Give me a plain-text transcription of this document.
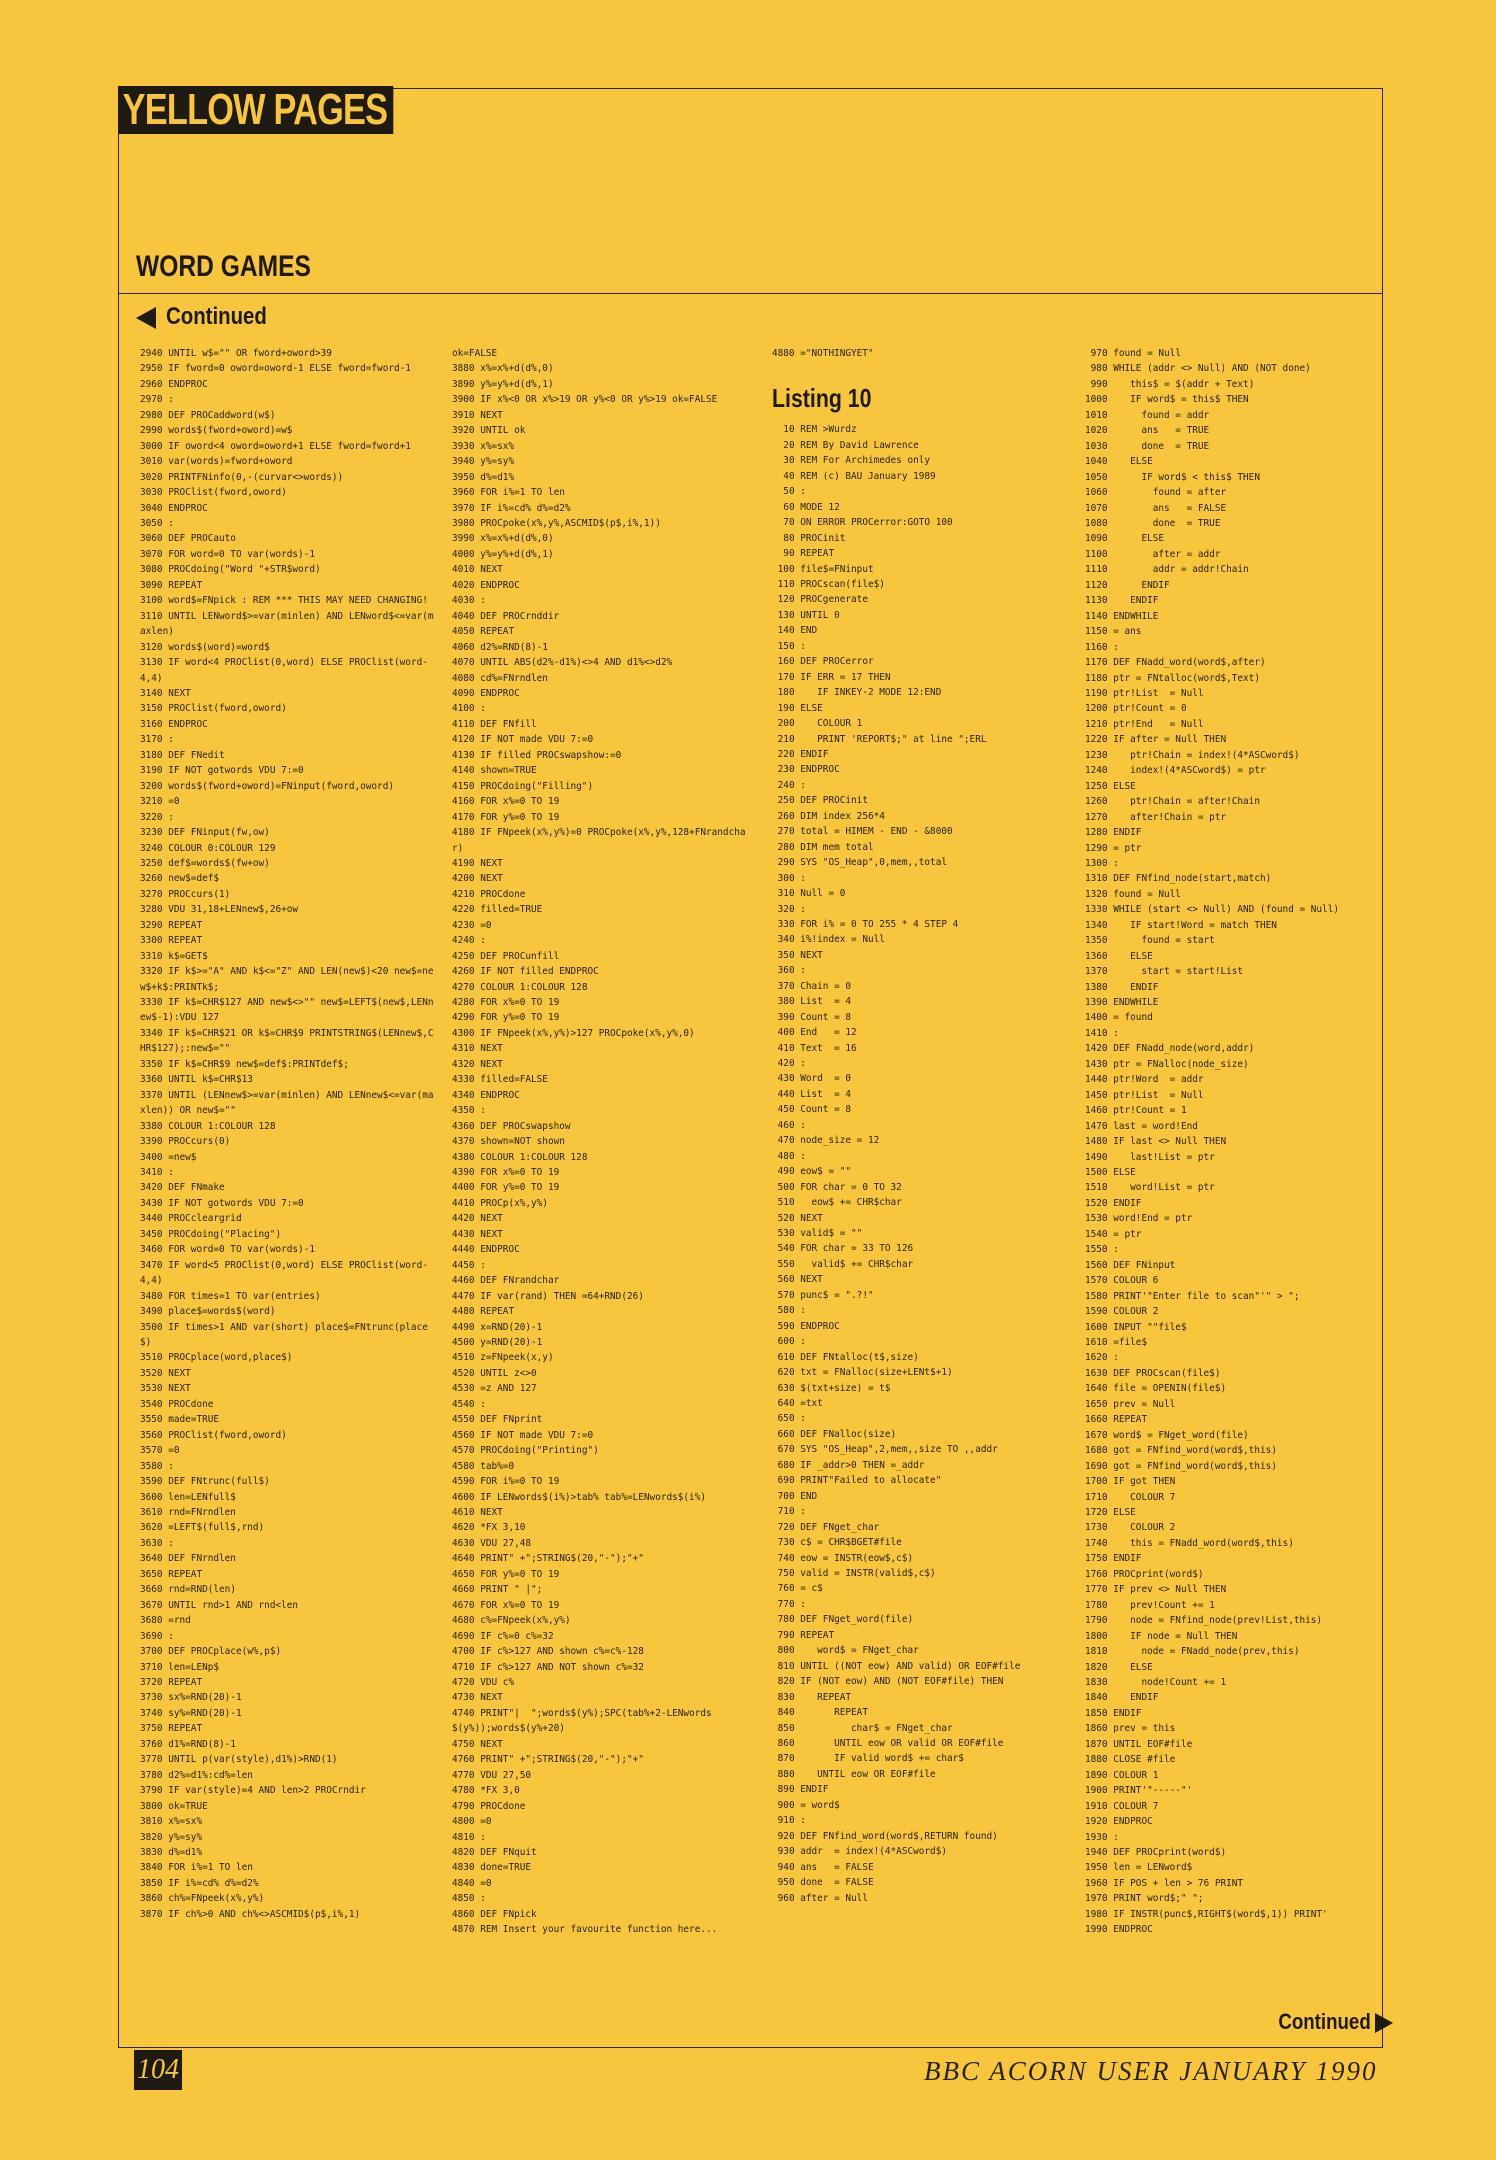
YELLOW PAGES
WORD GAMES
Continued
2940 UNTIL w$="" OR fword+oword>39
2950 IF fword=0 oword=oword-1 ELSE fword=fword-1
2960 ENDPROC
2970 :
2980 DEF PROCaddword(w$)
2990 words$(fword+oword)=w$
3000 IF oword<4 oword=oword+1 ELSE fword=fword+1
3010 var(words)=fword+oword
3020 PRINTFNinfo(0,-(curvar<>words))
3030 PROClist(fword,oword)
3040 ENDPROC
3050 :
3060 DEF PROCauto
3070 FOR word=0 TO var(words)-1
3080 PROCdoing("Word "+STR$word)
3090 REPEAT
3100 word$=FNpick : REM *** THIS MAY NEED CHANGING!
3110 UNTIL LENword$>=var(minlen) AND LENword$<=var(maxlen)
3120 words$(word)=word$
3130 IF word<4 PROClist(0,word) ELSE PROClist(word-4,4)
3140 NEXT
3150 PROClist(fword,oword)
3160 ENDPROC
3170 :
3180 DEF FNedit
3190 IF NOT gotwords VDU 7:=0
3200 words$(fword+oword)=FNinput(fword,oword)
3210 =0
3220 :
3230 DEF FNinput(fw,ow)
3240 COLOUR 0:COLOUR 129
3250 def$=words$(fw+ow)
3260 new$=def$
3270 PROCcurs(1)
3280 VDU 31,18+LENnew$,26+ow
3290 REPEAT
3300 REPEAT
3310 k$=GET$
3320 IF k$>="A" AND k$<="Z" AND LEN(new$)<20 new$=new$+k$:PRINTk$;
3330 IF k$=CHR$127 AND new$<>"" new$=LEFT$(new$,LENnew$-1):VDU 127
3340 IF k$=CHR$21 OR k$=CHR$9 PRINTSTRING$(LENnew$,CHR$127);:new$=""
3350 IF k$=CHR$9 new$=def$:PRINTdef$;
3360 UNTIL k$=CHR$13
3370 UNTIL (LENnew$>=var(minlen) AND LENnew$<=var(maxlen)) OR new$=""
3380 COLOUR 1:COLOUR 128
3390 PROCcurs(0)
3400 =new$
3410 :
3420 DEF FNmake
3430 IF NOT gotwords VDU 7:=0
3440 PROCcleargrid
3450 PROCdoing("Placing")
3460 FOR word=0 TO var(words)-1
3470 IF word<5 PROClist(0,word) ELSE PROClist(word-4,4)
3480 FOR times=1 TO var(entries)
3490 place$=words$(word)
3500 IF times>1 AND var(short) place$=FNtrunc(place$)
3510 PROCplace(word,place$)
3520 NEXT
3530 NEXT
3540 PROCdone
3550 made=TRUE
3560 PROClist(fword,oword)
3570 =0
3580 :
3590 DEF FNtrunc(full$)
3600 len=LENfull$
3610 rnd=FNrndlen
3620 =LEFT$(full$,rnd)
3630 :
3640 DEF FNrndlen
3650 REPEAT
3660 rnd=RND(len)
3670 UNTIL rnd>1 AND rnd<len
3680 =rnd
3690 :
3700 DEF PROCplace(w%,p$)
3710 len=LENp$
3720 REPEAT
3730 sx%=RND(20)-1
3740 sy%=RND(20)-1
3750 REPEAT
3760 d1%=RND(8)-1
3770 UNTIL p(var(style),d1%)>RND(1)
3780 d2%=d1%:cd%=len
3790 IF var(style)=4 AND len>2 PROCrndir
3800 ok=TRUE
3810 x%=sx%
3820 y%=sy%
3830 d%=d1%
3840 FOR i%=1 TO len
3850 IF i%=cd% d%=d2%
3860 ch%=FNpeek(x%,y%)
3870 IF ch%>0 AND ch%<>ASCMID$(p$,i%,1)
ok=FALSE
3880 x%=x%+d(d%,0)
3890 y%=y%+d(d%,1)
3900 IF x%<0 OR x%>19 OR y%<0 OR y%>19 ok=FALSE
3910 NEXT
3920 UNTIL ok
3930 x%=sx%
3940 y%=sy%
3950 d%=d1%
3960 FOR i%=1 TO len
3970 IF i%=cd% d%=d2%
3980 PROCpoke(x%,y%,ASCMID$(p$,i%,1))
3990 x%=x%+d(d%,0)
4000 y%=y%+d(d%,1)
4010 NEXT
4020 ENDPROC
4030 :
4040 DEF PROCrnddir
4050 REPEAT
4060 d2%=RND(8)-1
4070 UNTIL ABS(d2%-d1%)<>4 AND d1%<>d2%
4080 cd%=FNrndlen
4090 ENDPROC
4100 :
4110 DEF FNfill
4120 IF NOT made VDU 7:=0
4130 IF filled PROCswapshow:=0
4140 shown=TRUE
4150 PROCdoing("Filling")
4160 FOR x%=0 TO 19
4170 FOR y%=0 TO 19
4180 IF FNpeek(x%,y%)=0 PROCpoke(x%,y%,128+FNrandchar)
4190 NEXT
4200 NEXT
4210 PROCdone
4220 filled=TRUE
4230 =0
4240 :
4250 DEF PROCunfill
4260 IF NOT filled ENDPROC
4270 COLOUR 1:COLOUR 128
4280 FOR x%=0 TO 19
4290 FOR y%=0 TO 19
4300 IF FNpeek(x%,y%)>127 PROCpoke(x%,y%,0)
4310 NEXT
4320 NEXT
4330 filled=FALSE
4340 ENDPROC
4350 :
4360 DEF PROCswapshow
4370 shown=NOT shown
4380 COLOUR 1:COLOUR 128
4390 FOR x%=0 TO 19
4400 FOR y%=0 TO 19
4410 PROCp(x%,y%)
4420 NEXT
4430 NEXT
4440 ENDPROC
4450 :
4460 DEF FNrandchar
4470 IF var(rand) THEN =64+RND(26)
4480 REPEAT
4490 x=RND(20)-1
4500 y=RND(20)-1
4510 z=FNpeek(x,y)
4520 UNTIL z<>0
4530 =z AND 127
4540 :
4550 DEF FNprint
4560 IF NOT made VDU 7:=0
4570 PROCdoing("Printing")
4580 tab%=0
4590 FOR i%=0 TO 19
4600 IF LENwords$(i%)>tab% tab%=LENwords$(i%)
4610 NEXT
4620 *FX 3,10
4630 VDU 27,48
4640 PRINT" +";STRING$(20,"-");"+"
4650 FOR y%=0 TO 19
4660 PRINT " |";
4670 FOR x%=0 TO 19
4680 c%=FNpeek(x%,y%)
4690 IF c%=0 c%=32
4700 IF c%>127 AND shown c%=c%-128
4710 IF c%>127 AND NOT shown c%=32
4720 VDU c%
4730 NEXT
4740 PRINT"|  ";words$(y%);SPC(tab%+2-LENwords$(y%));words$(y%+20)
4750 NEXT
4760 PRINT" +";STRING$(20,"-");"+"
4770 VDU 27,50
4780 *FX 3,0
4790 PROCdone
4800 =0
4810 :
4820 DEF FNquit
4830 done=TRUE
4840 =0
4850 :
4860 DEF FNpick
4870 REM Insert your favourite function here...
4880 ="NOTHINGYET"
Listing 10
10 REM >Wurdz
20 REM By David Lawrence
30 REM For Archimedes only
40 REM (c) BAU January 1989
50 :
60 MODE 12
70 ON ERROR PROCerror:GOTO 100
80 PROCinit
90 REPEAT
100 file$=FNinput
110 PROCscan(file$)
120 PROCgenerate
130 UNTIL 0
140 END
150 :
160 DEF PROCerror
170 IF ERR = 17 THEN
180    IF INKEY-2 MODE 12:END
190 ELSE
200    COLOUR 1
210    PRINT 'REPORT$;" at line ";ERL
220 ENDIF
230 ENDPROC
240 :
250 DEF PROCinit
260 DIM index 256*4
270 total = HIMEM - END - &8000
280 DIM mem total
290 SYS "OS_Heap",0,mem,,total
300 :
310 Null = 0
320 :
330 FOR i% = 0 TO 255 * 4 STEP 4
340 i%!index = Null
350 NEXT
360 :
370 Chain = 0
380 List  = 4
390 Count = 8
400 End   = 12
410 Text  = 16
420 :
430 Word  = 0
440 List  = 4
450 Count = 8
460 :
470 node_size = 12
480 :
490 eow$ = ""
500 FOR char = 0 TO 32
510   eow$ += CHR$char
520 NEXT
530 valid$ = ""
540 FOR char = 33 TO 126
550   valid$ += CHR$char
560 NEXT
570 punc$ = ".?!"
580 :
590 ENDPROC
600 :
610 DEF FNtalloc(t$,size)
620 txt = FNalloc(size+LENt$+1)
630 $(txt+size) = t$
640 =txt
650 :
660 DEF FNalloc(size)
670 SYS "OS_Heap",2,mem,,size TO ,,addr
680 IF _addr>0 THEN =_addr
690 PRINT"Failed to allocate"
700 END
710 :
720 DEF FNget_char
730 c$ = CHR$BGET#file
740 eow = INSTR(eow$,c$)
750 valid = INSTR(valid$,c$)
760 = c$
770 :
780 DEF FNget_word(file)
790 REPEAT
800    word$ = FNget_char
810 UNTIL ((NOT eow) AND valid) OR EOF#file
820 IF (NOT eow) AND (NOT EOF#file) THEN
830    REPEAT
840       REPEAT
850          char$ = FNget_char
860       UNTIL eow OR valid OR EOF#file
870       IF valid word$ += char$
880    UNTIL eow OR EOF#file
890 ENDIF
900 = word$
910 :
920 DEF FNfind_word(word$,RETURN found)
930 addr  = index!(4*ASCword$)
940 ans   = FALSE
950 done  = FALSE
960 after = Null
970 found = Null
980 WHILE (addr <> Null) AND (NOT done)
990    this$ = $(addr + Text)
1000    IF word$ = this$ THEN
1010      found = addr
1020      ans   = TRUE
1030      done  = TRUE
1040    ELSE
1050      IF word$ < this$ THEN
1060        found = after
1070        ans   = FALSE
1080        done  = TRUE
1090      ELSE
1100        after = addr
1110        addr = addr!Chain
1120      ENDIF
1130    ENDIF
1140 ENDWHILE
1150 = ans
1160 :
1170 DEF FNadd_word(word$,after)
1180 ptr = FNtalloc(word$,Text)
1190 ptr!List  = Null
1200 ptr!Count = 0
1210 ptr!End   = Null
1220 IF after = Null THEN
1230    ptr!Chain = index!(4*ASCword$)
1240    index!(4*ASCword$) = ptr
1250 ELSE
1260    ptr!Chain = after!Chain
1270    after!Chain = ptr
1280 ENDIF
1290 = ptr
1300 :
1310 DEF FNfind_node(start,match)
1320 found = Null
1330 WHILE (start <> Null) AND (found = Null)
1340    IF start!Word = match THEN
1350      found = start
1360    ELSE
1370      start = start!List
1380    ENDIF
1390 ENDWHILE
1400 = found
1410 :
1420 DEF FNadd_node(word,addr)
1430 ptr = FNalloc(node_size)
1440 ptr!Word  = addr
1450 ptr!List  = Null
1460 ptr!Count = 1
1470 last = word!End
1480 IF last <> Null THEN
1490    last!List = ptr
1500 ELSE
1510    word!List = ptr
1520 ENDIF
1530 word!End = ptr
1540 = ptr
1550 :
1560 DEF FNinput
1570 COLOUR 6
1580 PRINT'"Enter file to scan"'" > ";
1590 COLOUR 2
1600 INPUT ""file$
1610 =file$
1620 :
1630 DEF PROCscan(file$)
1640 file = OPENIN(file$)
1650 prev = Null
1660 REPEAT
1670 word$ = FNget_word(file)
1680 got = FNfind_word(word$,this)
1690 got = FNfind_word(word$,this)
1700 IF got THEN
1710    COLOUR 7
1720 ELSE
1730    COLOUR 2
1740    this = FNadd_word(word$,this)
1750 ENDIF
1760 PROCprint(word$)
1770 IF prev <> Null THEN
1780    prev!Count += 1
1790    node = FNfind_node(prev!List,this)
1800    IF node = Null THEN
1810      node = FNadd_node(prev,this)
1820    ELSE
1830      node!Count += 1
1840    ENDIF
1850 ENDIF
1860 prev = this
1870 UNTIL EOF#file
1880 CLOSE #file
1890 COLOUR 1
1900 PRINT'"-----"'
1910 COLOUR 7
1920 ENDPROC
1930 :
1940 DEF PROCprint(word$)
1950 len = LENword$
1960 IF POS + len > 76 PRINT
1970 PRINT word$;" ";
1980 IF INSTR(punc$,RIGHT$(word$,1)) PRINT'
1990 ENDPROC
Continued
104	BBC ACORN USER JANUARY 1990
